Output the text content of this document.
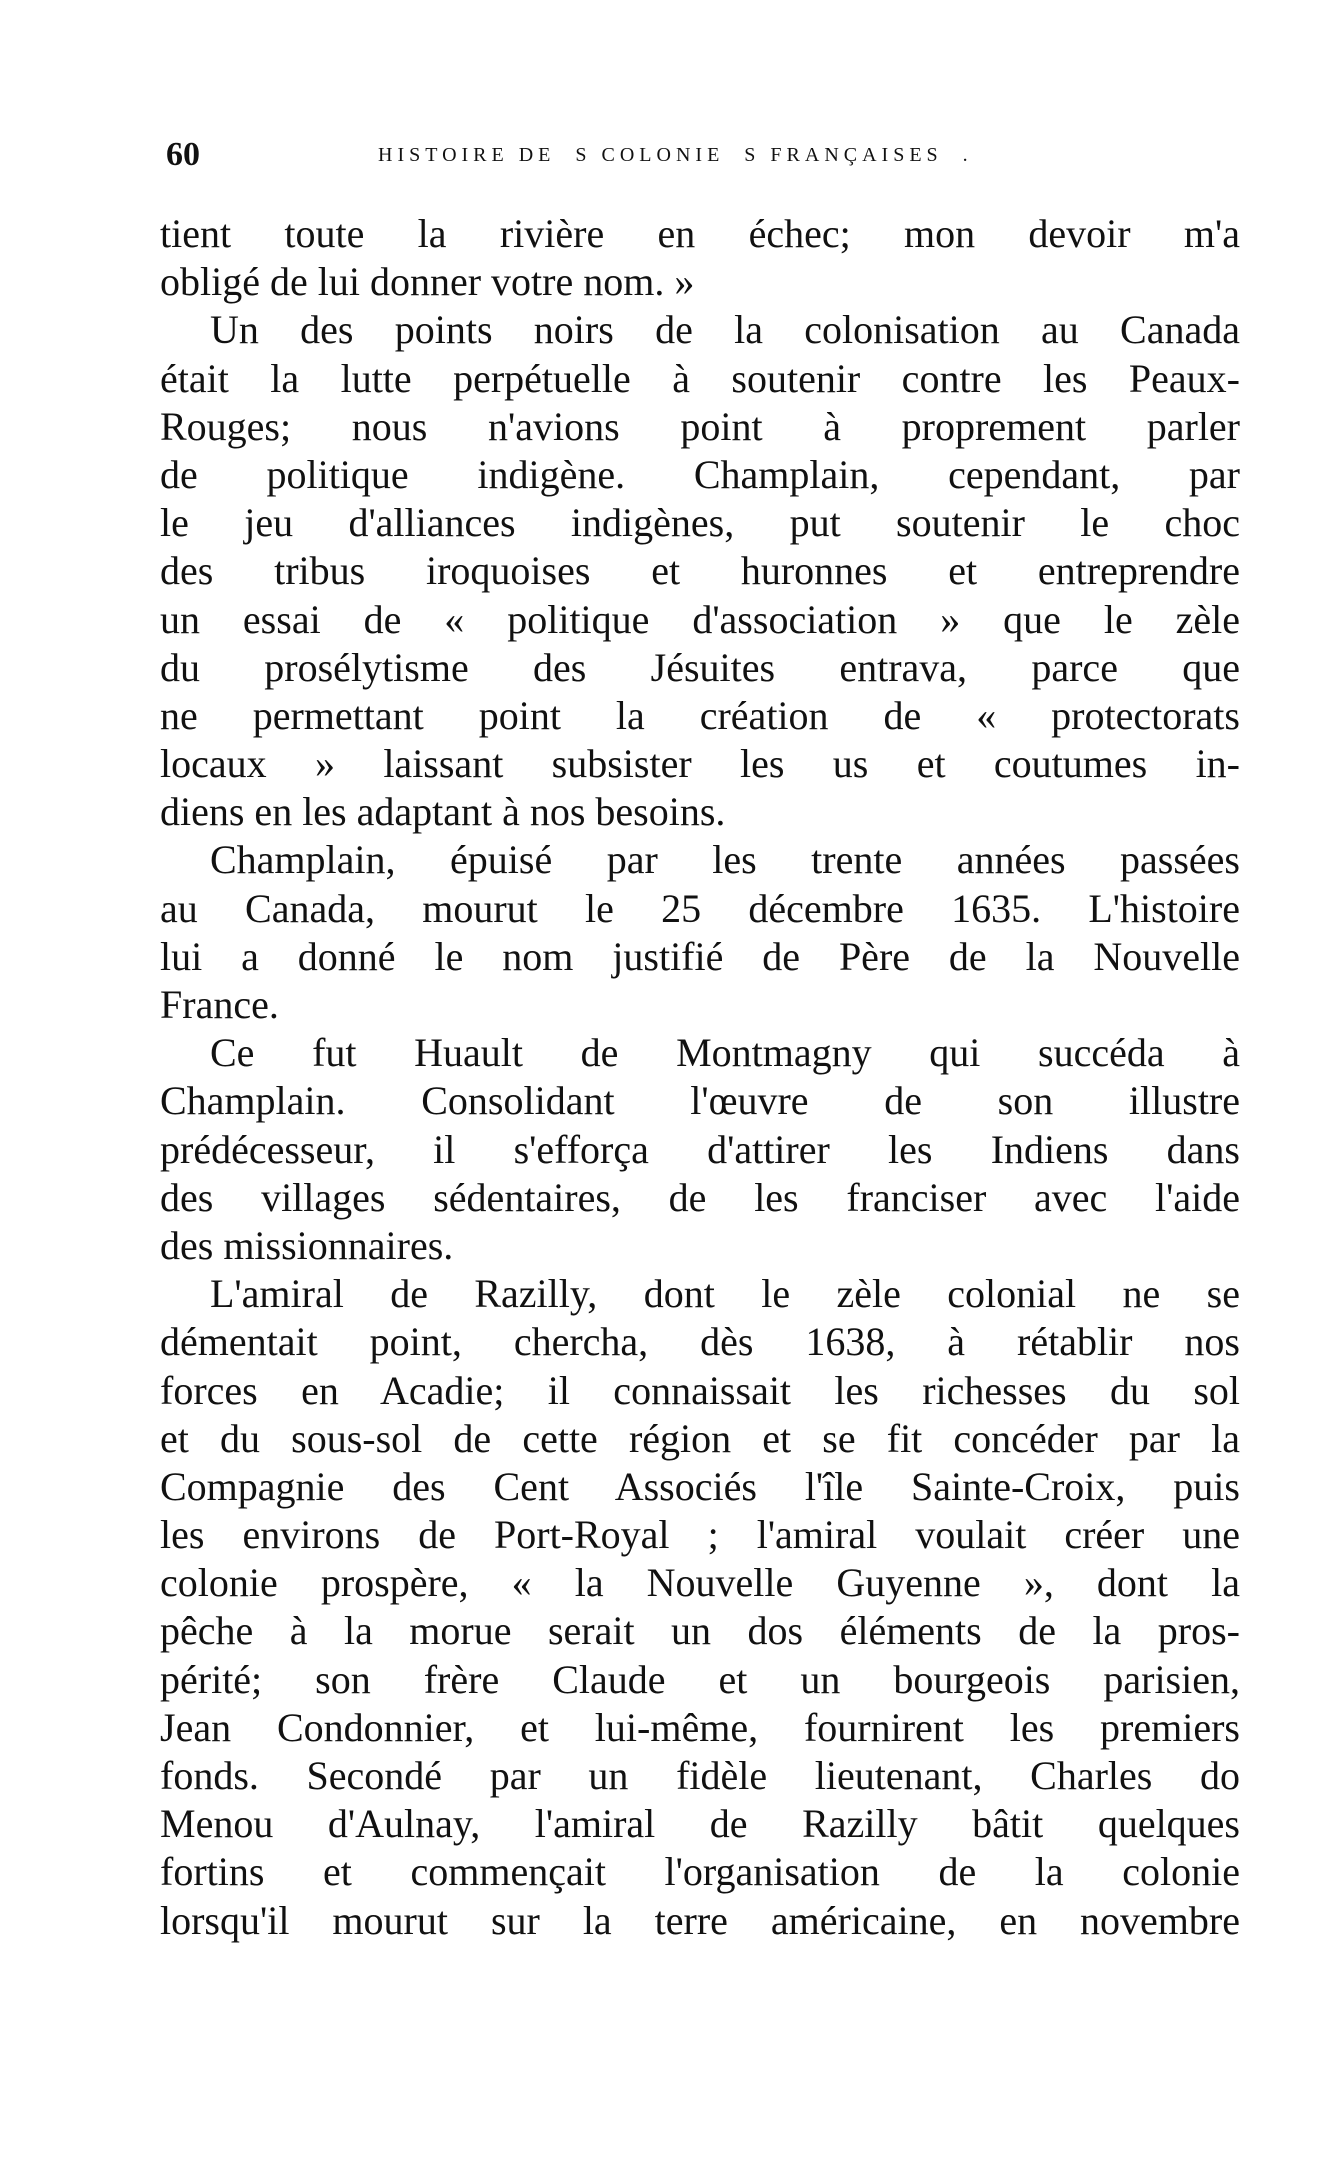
60	HISTOIRE DE  S COLONIE  S FRANÇAISES  .
tient toute la rivière en échec; mon devoir m'a
obligé de lui donner votre nom. »
Un des points noirs de la colonisation au Canada
était la lutte perpétuelle à soutenir contre les Peaux-
Rouges; nous n'avions point à proprement parler
de politique indigène. Champlain, cependant, par
le jeu d'alliances indigènes, put soutenir le choc
des tribus iroquoises et huronnes et entreprendre
un essai de « politique d'association » que le zèle
du prosélytisme des Jésuites entrava, parce que
ne permettant point la création de « protectorats
locaux » laissant subsister les us et coutumes in-
diens en les adaptant à nos besoins.
Champlain, épuisé par les trente années passées
au Canada, mourut le 25 décembre 1635. L'histoire
lui a donné le nom justifié de Père de la Nouvelle
France.
Ce fut Huault de Montmagny qui succéda à
Champlain. Consolidant l'œuvre de son illustre
prédécesseur, il s'efforça d'attirer les Indiens dans
des villages sédentaires, de les franciser avec l'aide
des missionnaires.
L'amiral de Razilly, dont le zèle colonial ne se
démentait point, chercha, dès 1638, à rétablir nos
forces en Acadie; il connaissait les richesses du sol
et du sous-sol de cette région et se fit concéder par la
Compagnie des Cent Associés l'île Sainte-Croix, puis
les environs de Port-Royal ; l'amiral voulait créer une
colonie prospère, « la Nouvelle Guyenne », dont la
pêche à la morue serait un dos éléments de la pros-
périté; son frère Claude et un bourgeois parisien,
Jean Condonnier, et lui-même, fournirent les premiers
fonds. Secondé par un fidèle lieutenant, Charles do
Menou d'Aulnay, l'amiral de Razilly bâtit quelques
fortins et commençait l'organisation de la colonie
lorsqu'il mourut sur la terre américaine, en novembre
